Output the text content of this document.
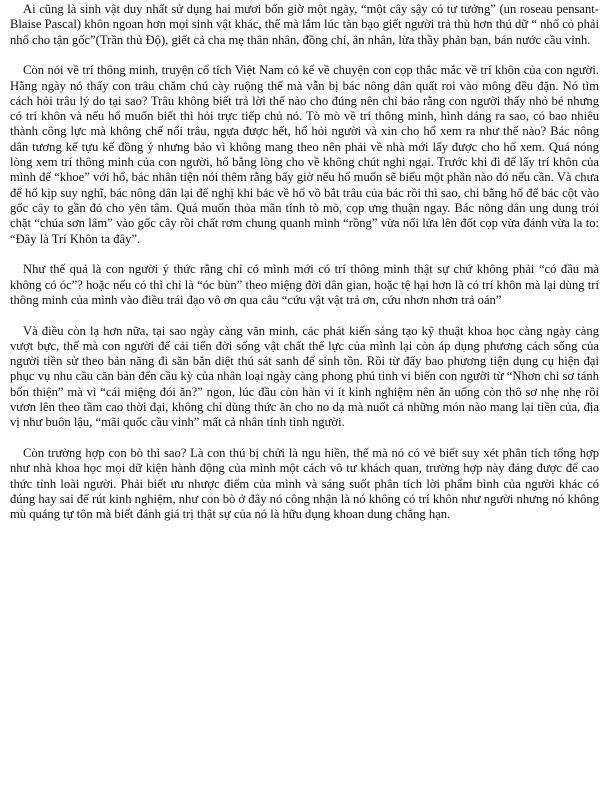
Ai cũng là sinh vật duy nhất sử dụng hai mươi bốn giờ một ngày, “một cây sậy có tư tưởng” (un roseau pensant-Blaise Pascal) khôn ngoan hơn mọi sinh vật khác, thế mà lắm lúc tàn bạo giết người trả thù hơn thú dữ “ nhổ cỏ phải nhổ cho tận gốc”(Trần thủ Độ), giết cả cha mẹ thân nhân, đồng chí, ân nhân, lừa thầy phản bạn, bán nước cầu vinh.

Còn nói về trí thông minh, truyện cổ tích Việt Nam có kể về chuyện con cọp thắc mắc về trí khôn của con người. Hằng ngày nó thấy con trâu chăm chú cày ruộng thế mà vẫn bị bác nông dân quất roi vào mông đều đặn. Nó tìm cách hỏi trâu lý do tại sao? Trâu không biết trả lời thế nào cho đúng nên chỉ bảo rằng con người thấy nhỏ bé nhưng có trí khôn và nếu hổ muốn biết thì hỏi trực tiếp chủ nó. Tò mò về trí thông minh, hình dáng ra sao, có bao nhiêu thành công lực mà không chế nổi trâu, ngựa được hết, hổ hỏi người và xin cho hổ xem ra như thế nào? Bác nông dân tương kế tựu kế đồng ý nhưng bảo vì không mang theo nên phải về nhà mới lấy được cho hổ xem. Quá nóng lòng xem trí thông minh của con người, hổ bằng lòng cho về không chút nghi ngại. Trước khi đi để lấy trí khôn của mình để “khoe” với hổ, bác nhân tiện nói thêm rằng bấy giờ nếu hổ muốn sẽ biếu một phần nào đó nếu cần. Và chưa để hổ kịp suy nghĩ, bác nông dân lại để nghị khi bác về hổ vồ bắt trâu của bác rồi thì sao, chi bằng hổ để bác cột vào gốc cây to gần đó cho yên tâm. Quá muốn thỏa mãn tính tò mò, cọp ưng thuận ngay. Bác nông dân ung dung trói chặt “chúa sơn lâm” vào gốc cây rồi chất rơm chung quanh mình “rồng” vừa nổi lửa lên đốt cọp vừa đánh vừa la to: “Đây là Trí Khôn ta đây”.

Như thế quả là con người ý thức rằng chỉ có mình mới có trí thông minh thật sự chứ không phải “có đầu mà không có óc”? hoặc nếu có thì chỉ là “óc bùn” theo miệng đời dân gian, hoặc tệ hại hơn là có trí khôn mà lại dùng trí thông minh của mình vào điều trái đạo vô ơn qua câu “cứu vật vật trả ơn, cứu nhơn nhơn trả oán”

Và điều còn lạ hơn nữa, tại sao ngày càng văn minh, các phát kiến sáng tạo kỹ thuật khoa học càng ngày càng vượt bực, thế mà con người để cải tiến đời sống vật chất thể lực của mình lại còn áp dụng phương cách sống của người tiền sử theo bản năng đi săn bắn diệt thú sát sanh để sinh tồn. Rồi từ đấy bao phương tiện dụng cụ hiện đại phục vụ nhu cầu căn bản đến cầu kỳ của nhân loại ngày càng phong phú tinh vi biến con người từ “Nhơn chi sơ tánh bổn thiện” mà vì “cái miệng đói ăn?” ngon, lúc đầu còn hàn vi ít kinh nghiệm nên ăn uống còn thô sơ nhẹ nhẹ rồi vươn lên theo tầm cao thời đại, không chỉ dùng thức ăn cho no dạ mà nuốt cả những món nào mang lại tiền của, địa vị như buôn lậu, “mãi quốc cầu vinh” mất cả nhân tính tình người.

Còn trường hợp con bò thì sao? Là con thú bị chửi là ngu hiền, thế mà nó có vẻ biết suy xét phân tích tổng hợp như nhà khoa học mọi dữ kiện hành động của mình một cách vô tư khách quan, trường hợp này đáng được để cao thức tỉnh loài người. Phải biết ưu nhược điểm của mình và sáng suốt phân tích lời phẩm bình của người khác có đúng hay sai để rút kinh nghiệm, như con bò ở đây nó công nhận là nó không có trí khôn như người nhưng nó không mù quáng tự tôn mà biết đánh giá trị thật sự của nó là hữu dụng khoan dung chẳng hạn.
